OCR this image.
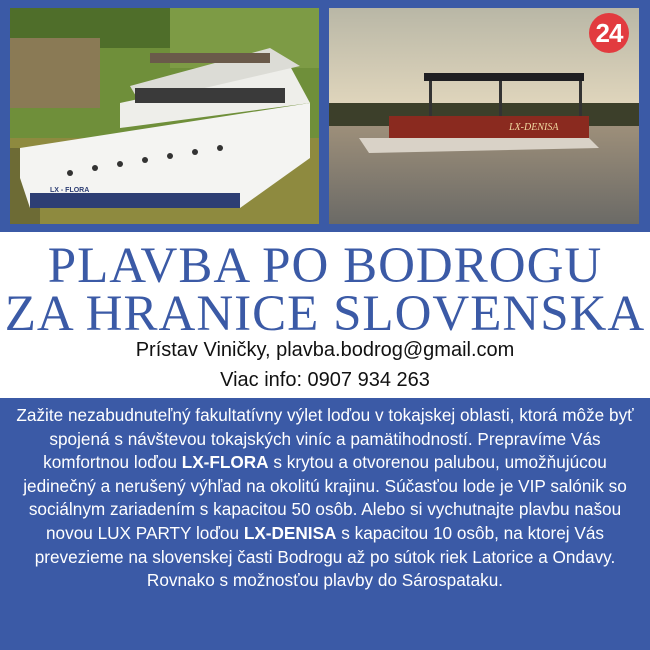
LX - FLORA
LX-DENISA
24
PLAVBA PO BODROGU
ZA HRANICE SLOVENSKA
Prístav Viničky, plavba.bodrog@gmail.com
Viac info: 0907 934 263
Zažite nezabudnuteľný fakultatívny výlet loďou v tokajskej oblasti, ktorá môže byť spojená s návštevou tokajských viníc a pamätihodností. Prepravíme Vás komfortnou loďou LX-FLORA s krytou a otvorenou palubou, umožňujúcou jedinečný a nerušený výhľad na okolitú krajinu. Súčasťou lode je VIP salónik so sociálnym zariadením s kapacitou 50 osôb. Alebo si vychutnajte plavbu našou novou LUX PARTY loďou LX-DENISA s kapacitou 10 osôb, na ktorej Vás prevezieme na slovenskej časti Bodrogu až po sútok riek Latorice a Ondavy. Rovnako s možnosťou plavby do Sárospataku.
